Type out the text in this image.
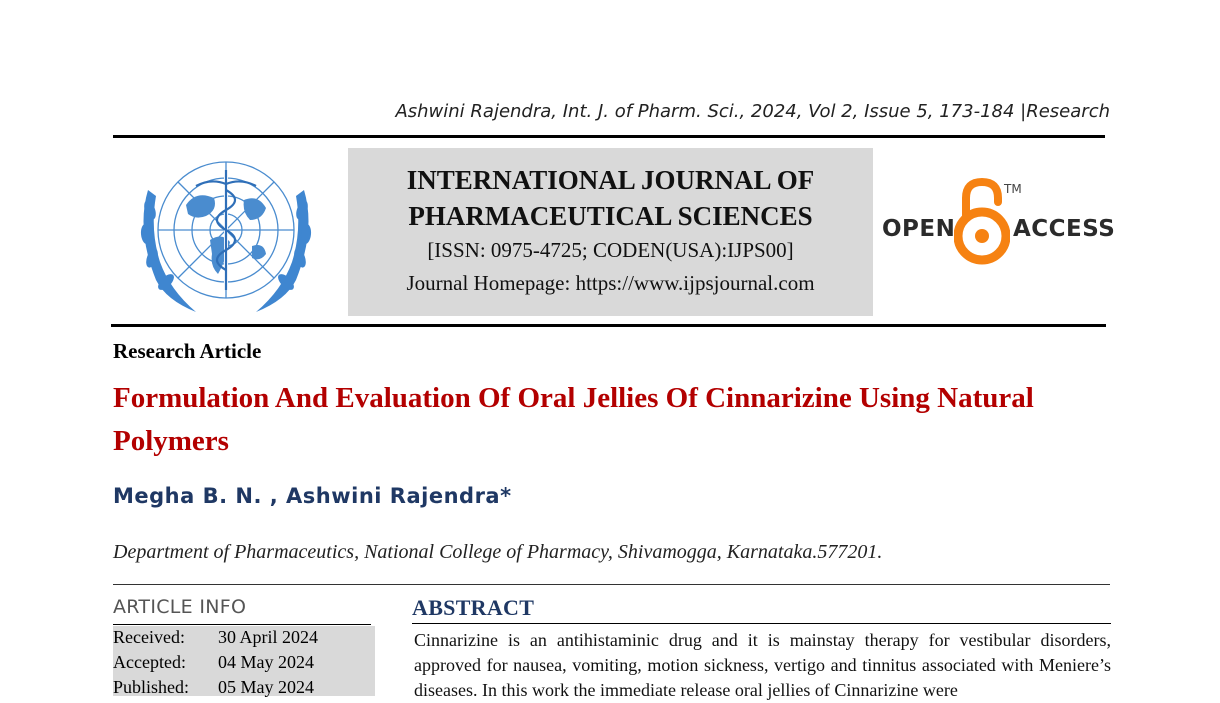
Ashwini Rajendra, Int. J. of Pharm. Sci., 2024, Vol 2, Issue 5, 173-184 |Research
INTERNATIONAL JOURNAL OF
PHARMACEUTICAL SCIENCES
[ISSN: 0975-4725; CODEN(USA):IJPS00]
Journal Homepage: https://www.ijpsjournal.com
OPEN
TM
ACCESS
Research Article
Formulation And Evaluation Of Oral Jellies Of Cinnarizine Using Natural Polymers
Megha B. N. , Ashwini Rajendra*
Department of Pharmaceutics, National College of Pharmacy, Shivamogga, Karnataka.577201.
ARTICLE INFO
Received: 30 April 2024
Accepted: 04 May 2024
Published: 05 May 2024
ABSTRACT
Cinnarizine is an antihistaminic drug and it is mainstay therapy for vestibular disorders, approved for nausea, vomiting, motion sickness, vertigo and tinnitus associated with Meniere’s diseases. In this work the immediate release oral jellies of Cinnarizine were
